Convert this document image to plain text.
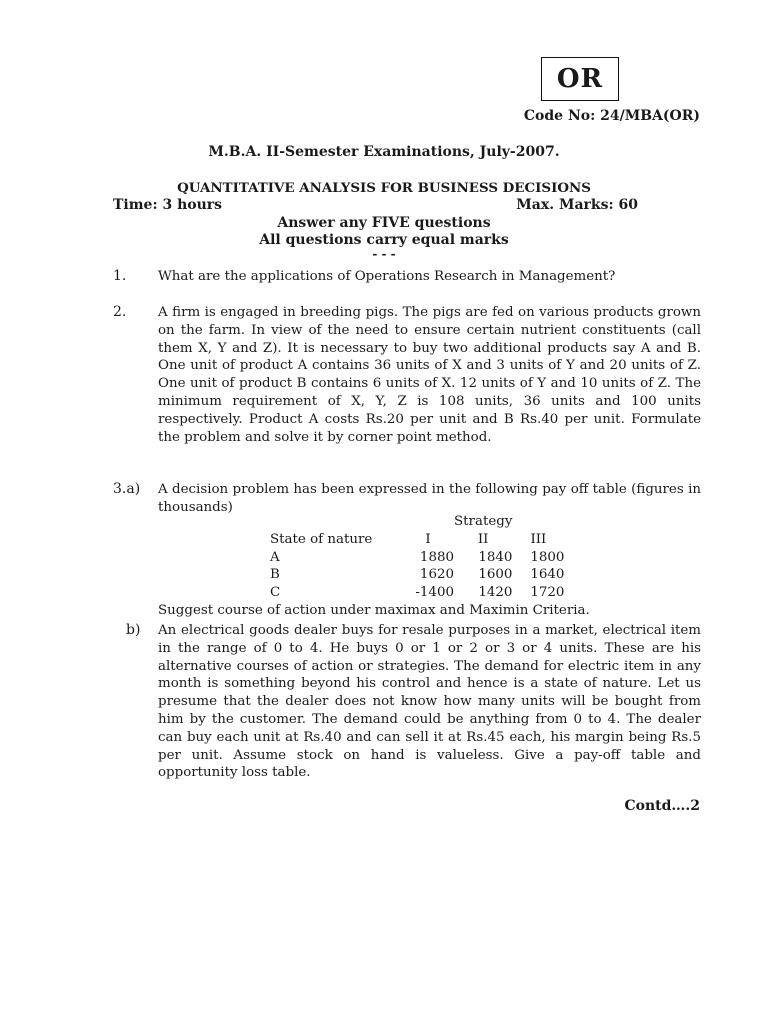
OR
Code No: 24/MBA(OR)
M.B.A. II-Semester Examinations, July-2007.
QUANTITATIVE ANALYSIS FOR BUSINESS DECISIONS
Time: 3 hours	Max. Marks: 60
Answer any FIVE questions
All questions carry equal marks
- - -
1. What are the applications of Operations Research in Management?
2. A firm is engaged in breeding pigs. The pigs are fed on various products grown on the farm. In view of the need to ensure certain nutrient constituents (call them X, Y and Z). It is necessary to buy two additional products say A and B. One unit of product A contains 36 units of X and 3 units of Y and 20 units of Z. One unit of product B contains 6 units of X. 12 units of Y and 10 units of Z. The minimum requirement of X, Y, Z is 108 units, 36 units and 100 units respectively. Product A costs Rs.20 per unit and B Rs.40 per unit. Formulate the problem and solve it by corner point method.
3.a) A decision problem has been expressed in the following pay off table (figures in thousands)
		Strategy	
State of nature	I	II	III
A	1880	1840	1800
B	1620	1600	1640
C	-1400	1420	1720
Suggest course of action under maximax and Maximin Criteria.
b) An electrical goods dealer buys for resale purposes in a market, electrical item in the range of 0 to 4. He buys 0 or 1 or 2 or 3 or 4 units. These are his alternative courses of action or strategies. The demand for electric item in any month is something beyond his control and hence is a state of nature. Let us presume that the dealer does not know how many units will be bought from him by the customer. The demand could be anything from 0 to 4. The dealer can buy each unit at Rs.40 and can sell it at Rs.45 each, his margin being Rs.5 per unit. Assume stock on hand is valueless. Give a pay-off table and opportunity loss table.
Contd….2
